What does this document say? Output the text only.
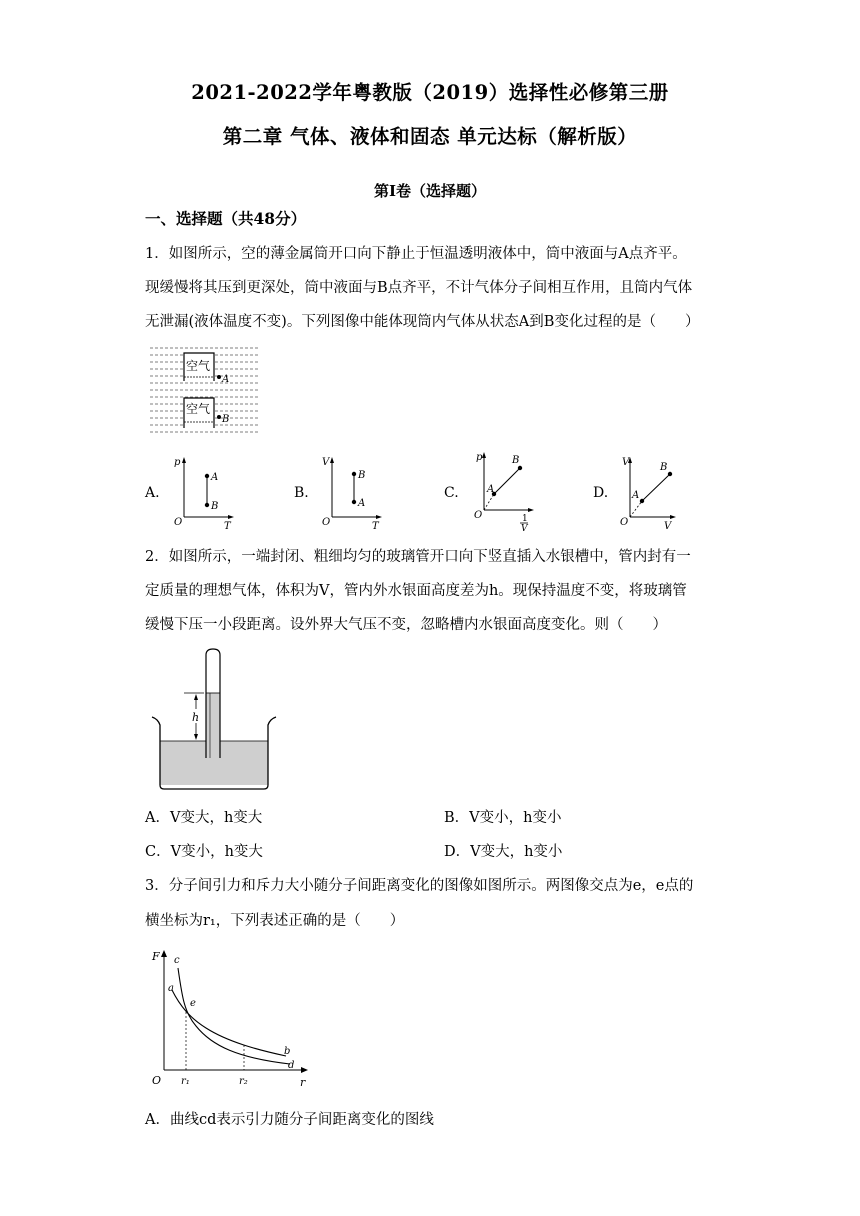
2021-2022学年粤教版（2019）选择性必修第三册
第二章 气体、液体和固态 单元达标（解析版）
第Ⅰ卷（选择题）
一、选择题（共48分）
1．如图所示，空的薄金属筒开口向下静止于恒温透明液体中，筒中液面与A点齐平。
现缓慢将其压到更深处，筒中液面与B点齐平，不计气体分子间相互作用，且筒内气体
无泄漏(液体温度不变)。下列图像中能体现筒内气体从状态A到B变化过程的是（　　）
空气
A
空气
B
A.
p
O	T
A
B
B.
V
O	T
B
A
C.
p
O	1
V
B
A	D.
V
O	V
B
A
2．如图所示，一端封闭、粗细均匀的玻璃管开口向下竖直插入水银槽中，管内封有一
定质量的理想气体，体积为V，管内外水银面高度差为h。现保持温度不变，将玻璃管
缓慢下压一小段距离。设外界大气压不变，忽略槽内水银面高度变化。则（　　）
h
A．V变大，h变大	B．V变小，h变小
C．V变小，h变大	D．V变大，h变小
3．分子间引力和斥力大小随分子间距离变化的图像如图所示。两图像交点为e，e点的
横坐标为r₁，下列表述正确的是（　　）
F
O	r
c
a
e
b
d
r₁	r₂
A．曲线cd表示引力随分子间距离变化的图线
